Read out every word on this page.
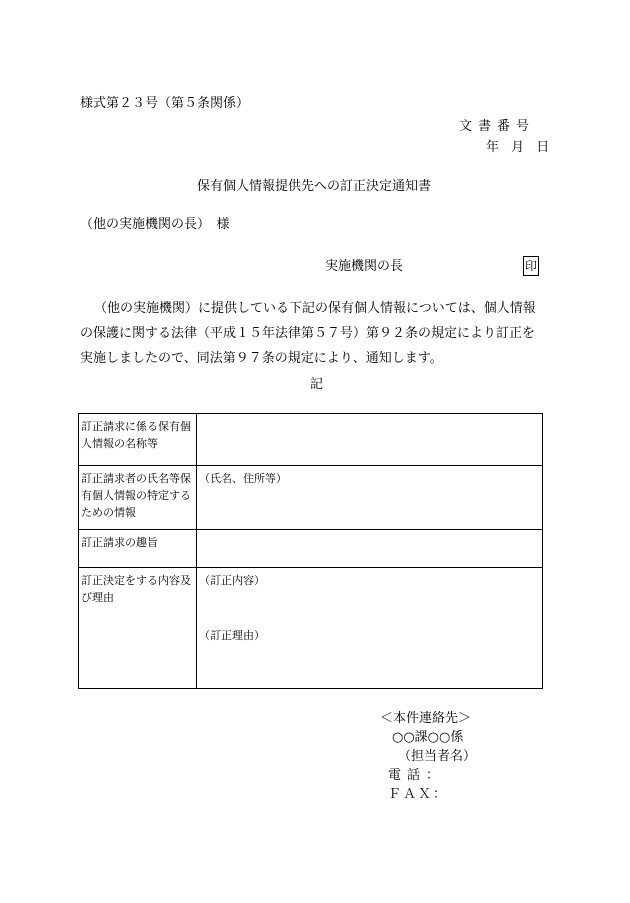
様式第２３号（第５条関係）
文書番号
年 月 日
保有個人情報提供先への訂正決定通知書
（他の実施機関の長）　様
実施機関の長	印

（他の実施機関）に提供している下記の保有個人情報については、個人情報

の保護に関する法律（平成１５年法律第５７号）第９２条の規定により訂正を

実施しましたので、同法第９７条の規定により、通知します。

記
訂正請求に係る保有個人情報の名称等	
訂正請求者の氏名等保有個人情報の特定するための情報	（氏名、住所等）
訂正請求の趣旨	
訂正決定をする内容及び理由	（訂正内容）
（訂正理由）
＜本件連絡先＞
○○課○○係
（担当者名）
電話：
ＦＡＸ：
